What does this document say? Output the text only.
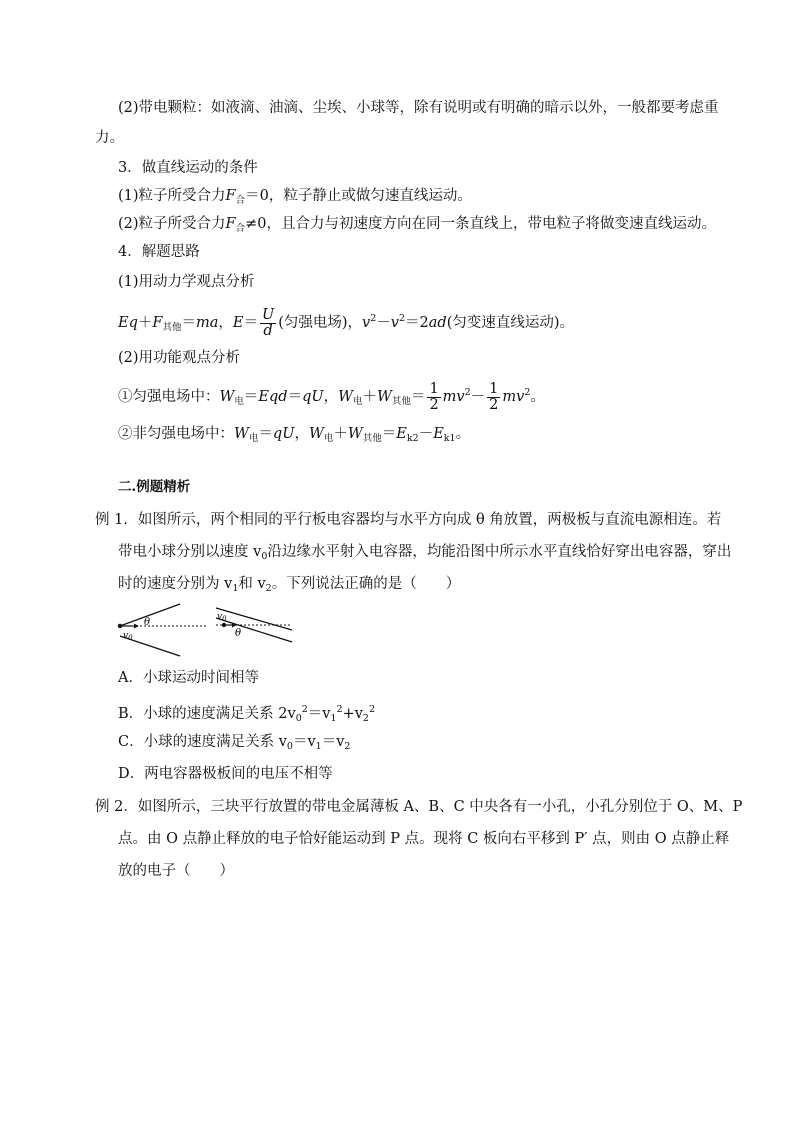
(2)带电颗粒：如液滴、油滴、尘埃、小球等，除有说明或有明确的暗示以外，一般都要考虑重
力。
3．做直线运动的条件
(1)粒子所受合力$F_合=0$，粒子静止或做匀速直线运动。
(2)粒子所受合力$F_合\ne 0$，且合力与初速度方向在同一条直线上，带电粒子将做变速直线运动。
4．解题思路
(1)用动力学观点分析
$Eq+F_{其他}=ma$，$E= \frac{U}{d}$ (匀强电场)，$v^2-v^2=2ad$(匀变速直线运动)。
(2)用功能观点分析
①匀强电场中：$W_电=Eqd=qU$，$W_电+W_{其他}= \frac{1}{2} mv^2- \frac{1}{2} mv^2$。
②非匀强电场中：$W_电=qU$，$W_电+W_{其他}=E_{k2}-E_{k1}$。
二.例题精析
例 1．如图所示，两个相同的平行板电容器均与水平方向成 θ 角放置，两极板与直流电源相连。若
带电小球分别以速度 $v_0$沿边缘水平射入电容器，均能沿图中所示水平直线恰好穿出电容器，穿出
时的速度分别为 $v_1$和 $v_2$。下列说法正确的是（　　）
θ
$v_0$	θ
$v_0$
A．小球运动时间相等
B．小球的速度满足关系 $2v_0^2=v_1^2+v_2^2$
C．小球的速度满足关系 $v_0=v_1=v_2$
D．两电容器极板间的电压不相等
例 2．如图所示，三块平行放置的带电金属薄板 A、B、C 中央各有一小孔，小孔分别位于 O、M、P
点。由 O 点静止释放的电子恰好能运动到 P 点。现将 C 板向右平移到 P′ 点，则由 O 点静止释
放的电子（　　）
